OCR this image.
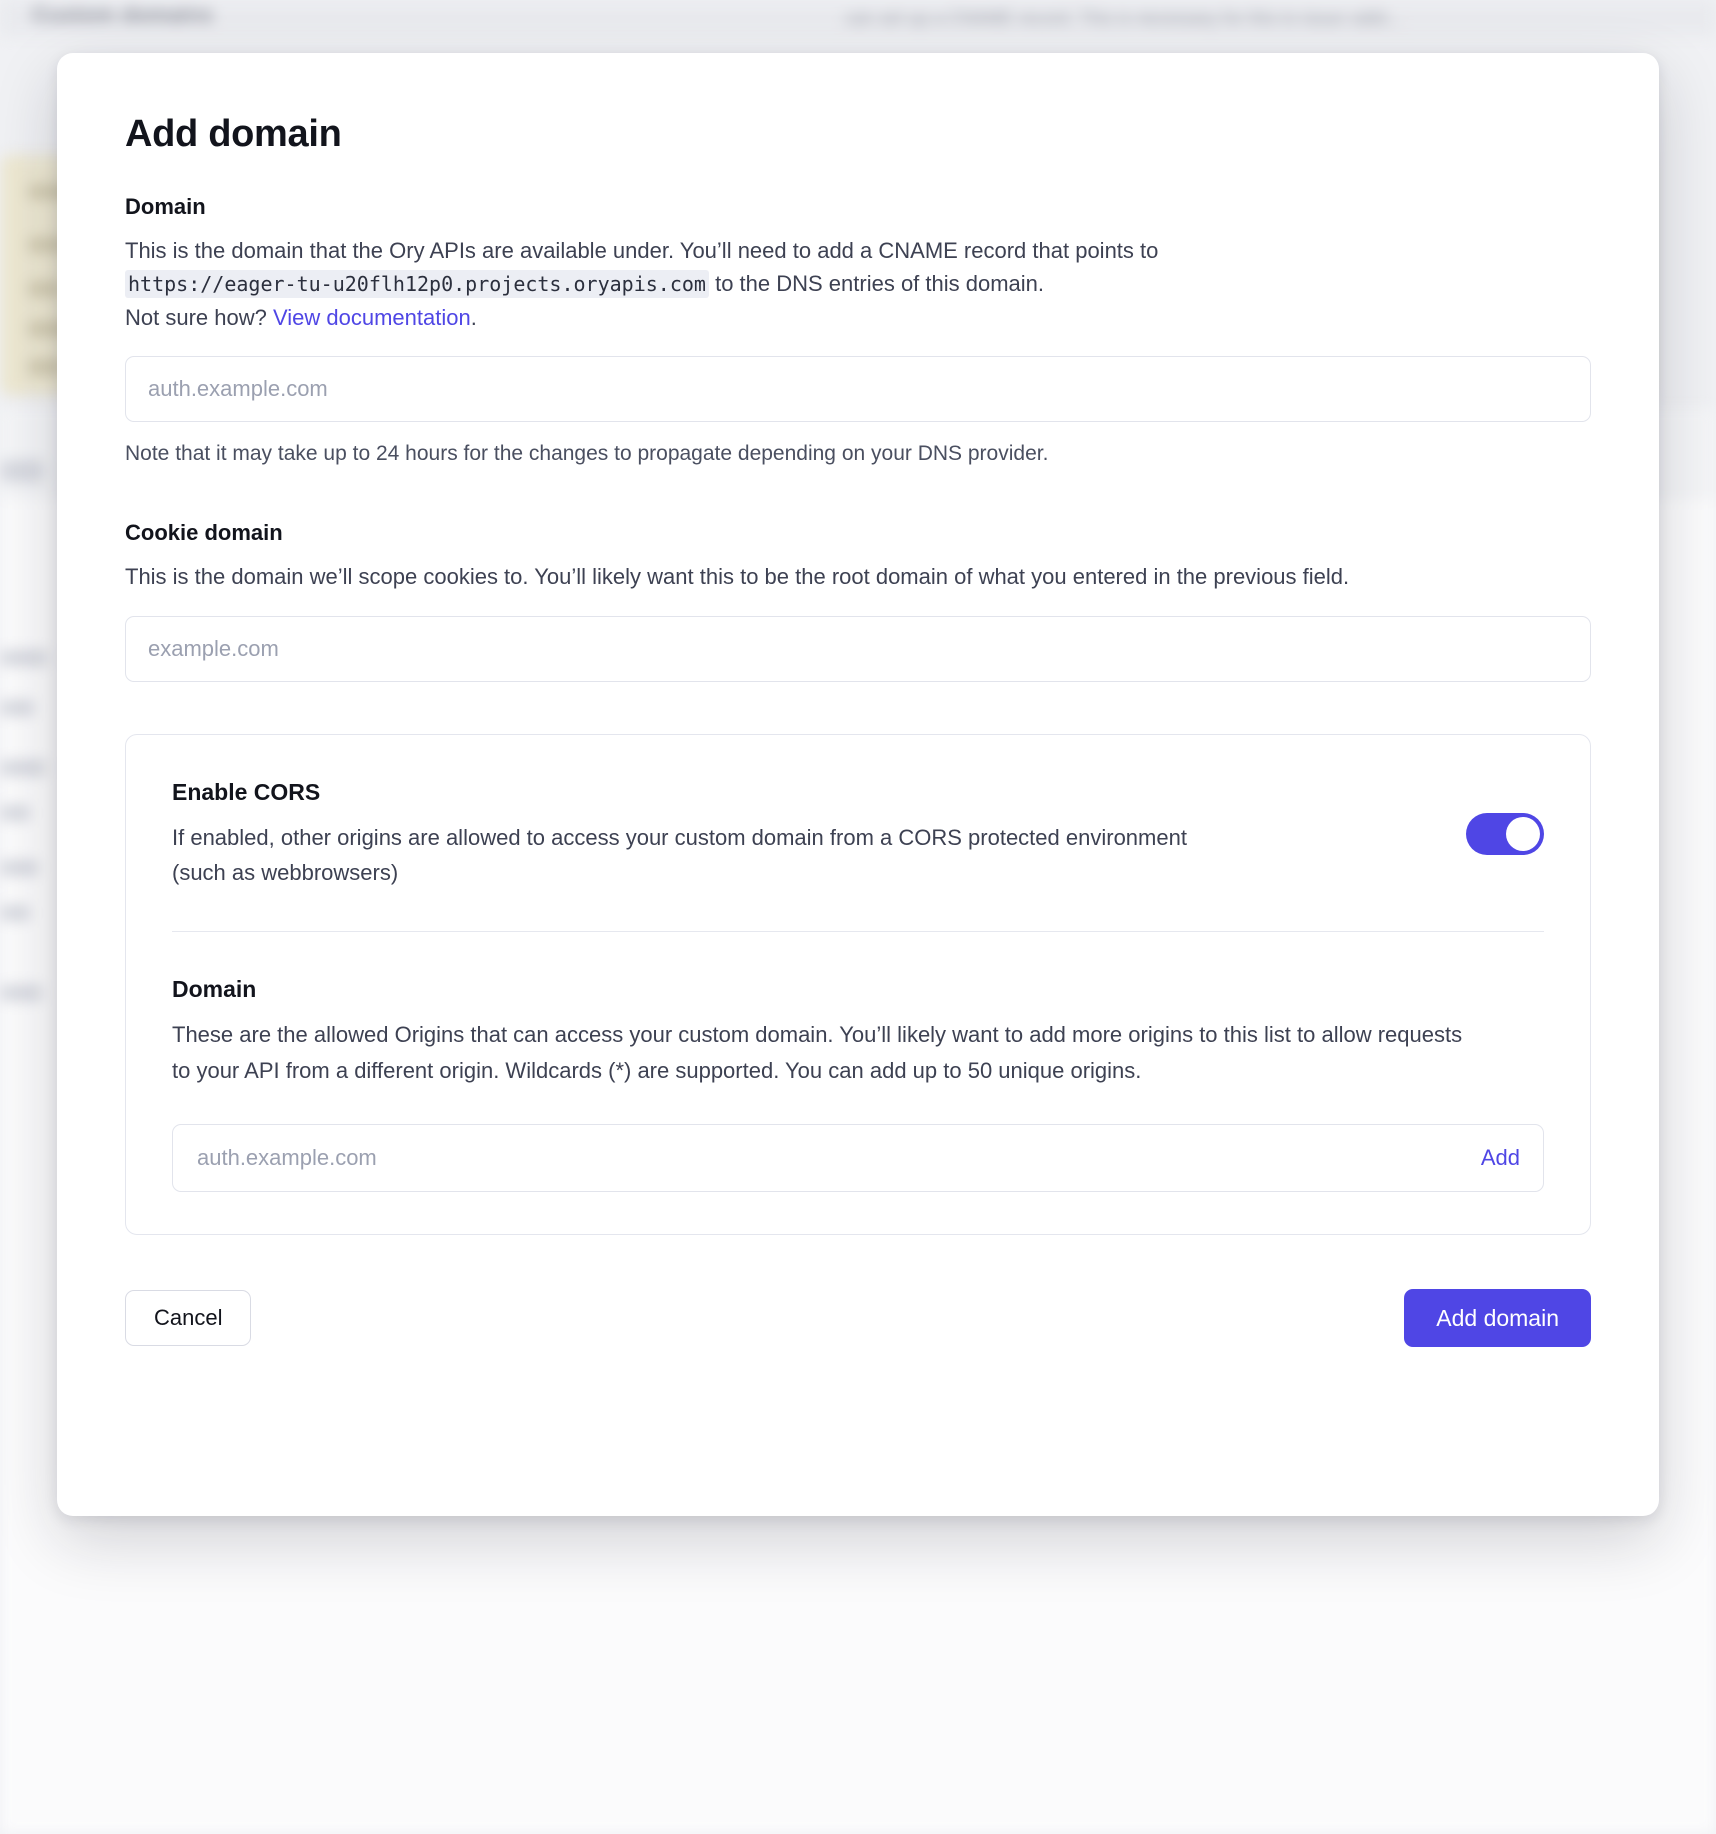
Custom domains	can set up a CNAME record. This is necessary for this to issue valid...
Add domain
Domain

This is the domain that the Ory APIs are available under. You’ll need to add a CNAME record that points to https://eager-tu-u20flh12p0.projects.oryapis.com to the DNS entries of this domain.
Not sure how? View documentation.

auth.example.com
Note that it may take up to 24 hours for the changes to propagate depending on your DNS provider.
Cookie domain

This is the domain we’ll scope cookies to. You’ll likely want this to be the root domain of what you entered in the previous field.

example.com
Enable CORS
If enabled, other origins are allowed to access your custom domain from a CORS protected environment (such as webbrowsers)
Domain
These are the allowed Origins that can access your custom domain. You’ll likely want to add more origins to this list to allow requests to your API from a different origin. Wildcards (*) are supported. You can add up to 50 unique origins.
auth.example.com
Add
Cancel	Add domain
